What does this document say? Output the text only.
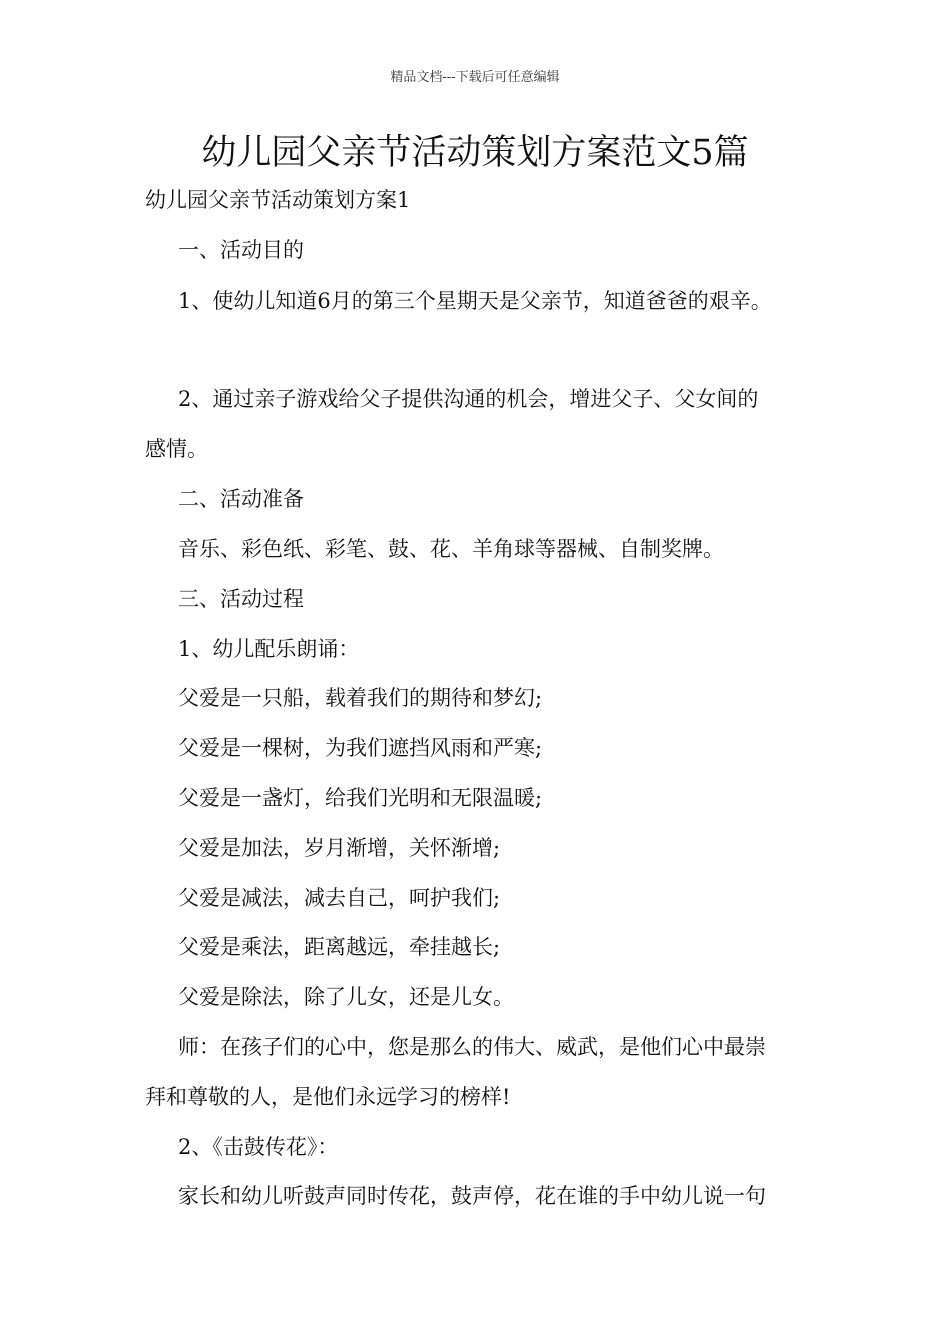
精品文档---下载后可任意编辑
幼儿园父亲节活动策划方案范文5篇

幼儿园父亲节活动策划方案1

一、活动目的

1、使幼儿知道6月的第三个星期天是父亲节，知道爸爸的艰辛。

2、通过亲子游戏给父子提供沟通的机会，增进父子、父女间的

感情。

二、活动准备

音乐、彩色纸、彩笔、鼓、花、羊角球等器械、自制奖牌。

三、活动过程

1、幼儿配乐朗诵：

父爱是一只船，载着我们的期待和梦幻;

父爱是一棵树，为我们遮挡风雨和严寒;

父爱是一盏灯，给我们光明和无限温暖;

父爱是加法，岁月渐增，关怀渐增;

父爱是减法，减去自己，呵护我们;

父爱是乘法，距离越远，牵挂越长;

父爱是除法，除了儿女，还是儿女。

师：在孩子们的心中，您是那么的伟大、威武，是他们心中最崇

拜和尊敬的人，是他们永远学习的榜样!

2、《击鼓传花》：

家长和幼儿听鼓声同时传花，鼓声停，花在谁的手中幼儿说一句
